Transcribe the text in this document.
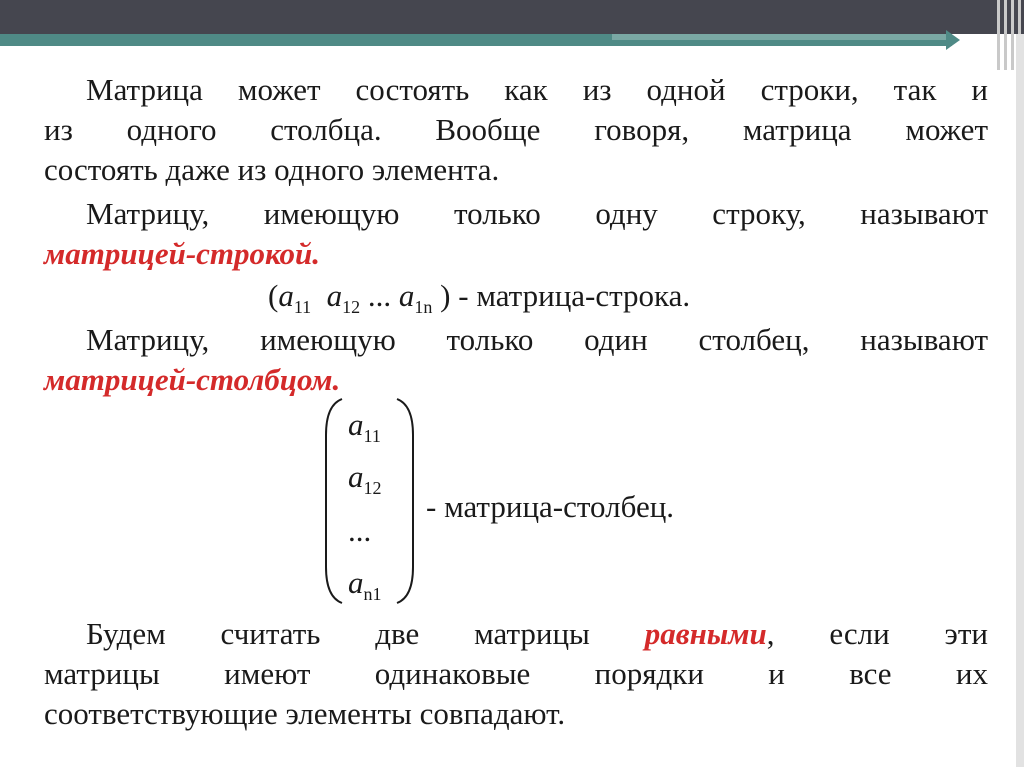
Матрица может состоять как из одной строки, так и
из одного столбца. Вообще говоря, матрица может
состоять даже из одного элемента.
Матрицу, имеющую только одну строку, называют
матрицей-строкой.
($a_{11}$ $a_{12}$ ... $a_{1n}$ ) - матрица-строка.
Матрицу, имеющую только один столбец, называют
матрицей-столбцом.
$a_{11}$
$a_{12}$
...
$a_{n1}$
- матрица-столбец.
Будем считать две матрицы равными, если эти
матрицы имеют одинаковые порядки и все их
соответствующие элементы совпадают.
